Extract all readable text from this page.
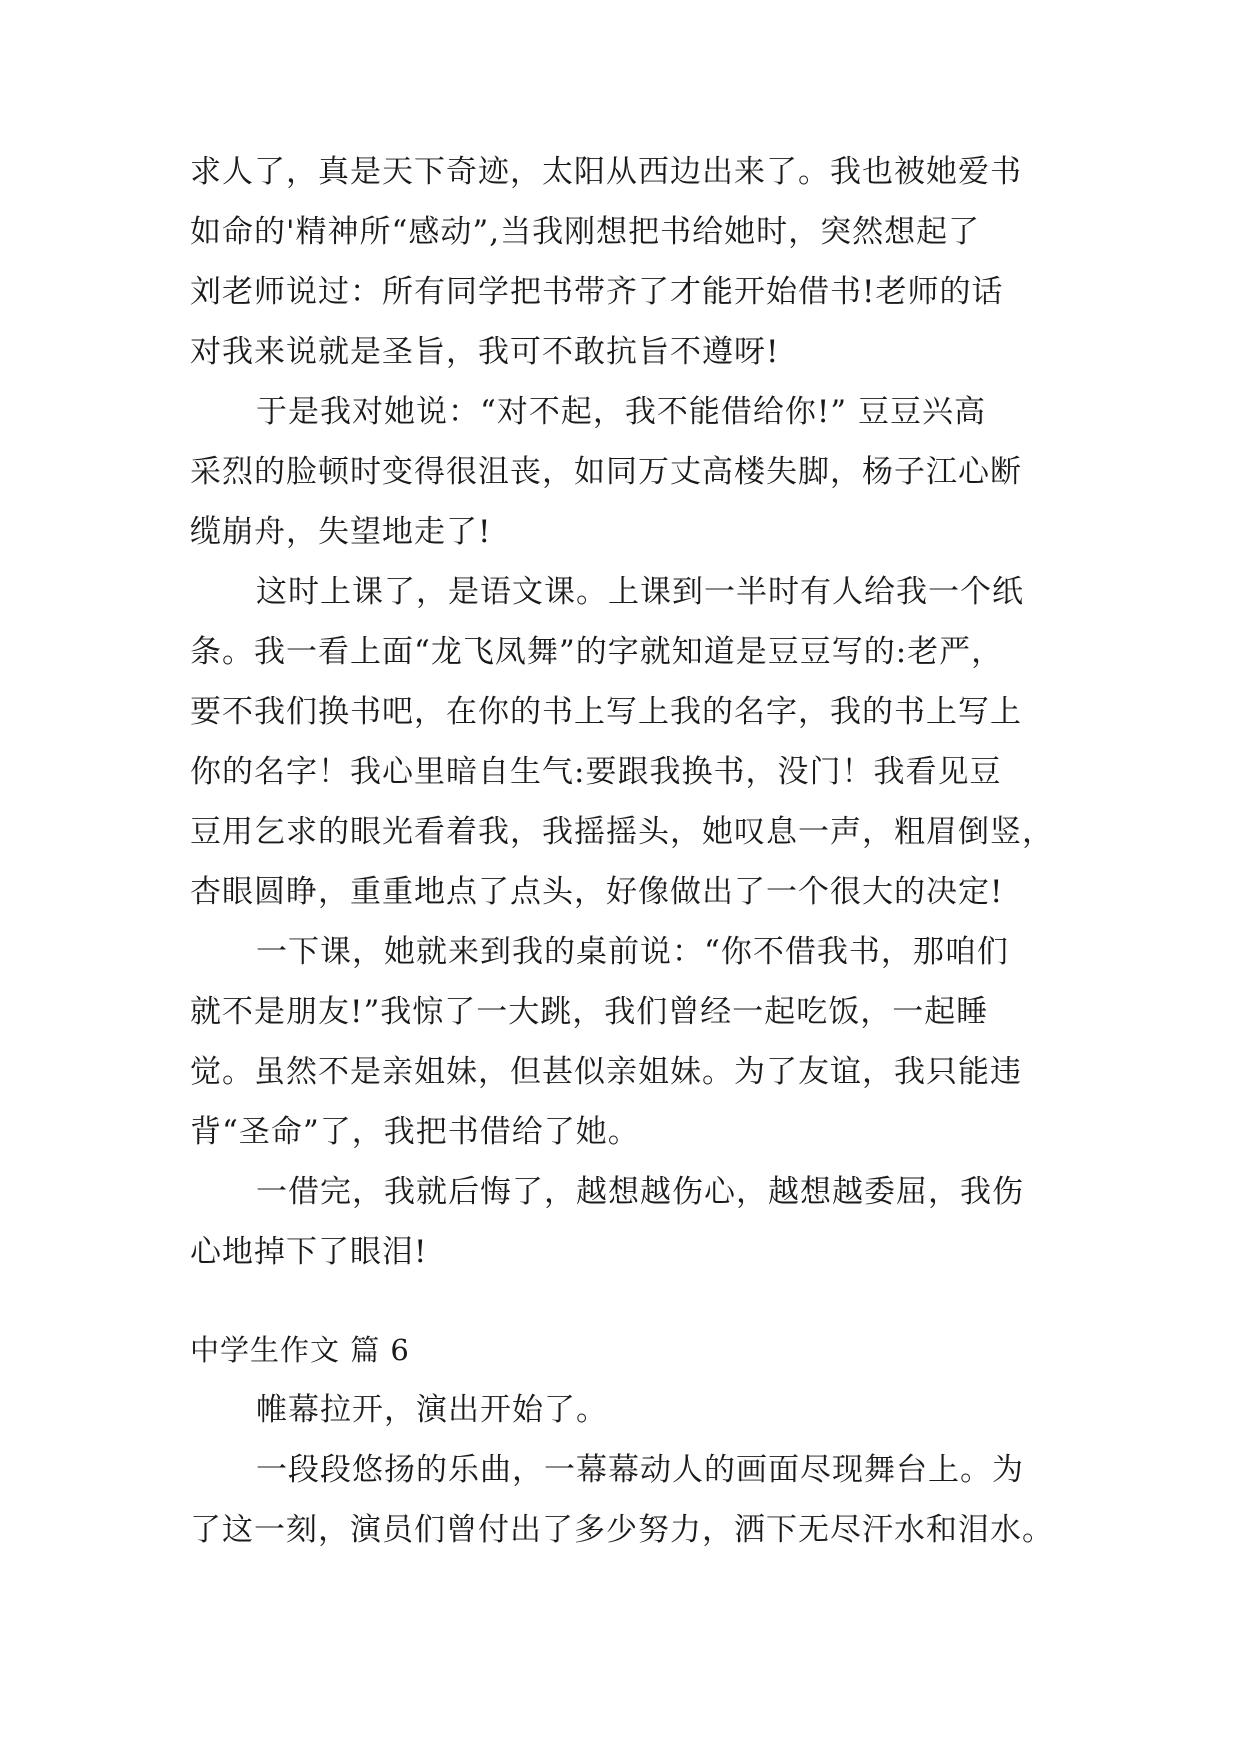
求人了，真是天下奇迹，太阳从西边出来了。我也被她爱书
如命的'精神所“感动”,当我刚想把书给她时，突然想起了
刘老师说过：所有同学把书带齐了才能开始借书!老师的话
对我来说就是圣旨，我可不敢抗旨不遵呀!
于是我对她说：“对不起，我不能借给你!” 豆豆兴高
采烈的脸顿时变得很沮丧，如同万丈高楼失脚，杨子江心断
缆崩舟，失望地走了!
这时上课了，是语文课。上课到一半时有人给我一个纸
条。我一看上面“龙飞凤舞”的字就知道是豆豆写的:老严，
要不我们换书吧，在你的书上写上我的名字，我的书上写上
你的名字！我心里暗自生气:要跟我换书，没门！我看见豆
豆用乞求的眼光看着我，我摇摇头，她叹息一声，粗眉倒竖，
杏眼圆睁，重重地点了点头，好像做出了一个很大的决定!
一下课，她就来到我的桌前说：“你不借我书，那咱们
就不是朋友!”我惊了一大跳，我们曾经一起吃饭，一起睡
觉。虽然不是亲姐妹，但甚似亲姐妹。为了友谊，我只能违
背“圣命”了，我把书借给了她。
一借完，我就后悔了，越想越伤心，越想越委屈，我伤
心地掉下了眼泪!
中学生作文 篇 6
帷幕拉开，演出开始了。
一段段悠扬的乐曲，一幕幕动人的画面尽现舞台上。为
了这一刻，演员们曾付出了多少努力，洒下无尽汗水和泪水。
